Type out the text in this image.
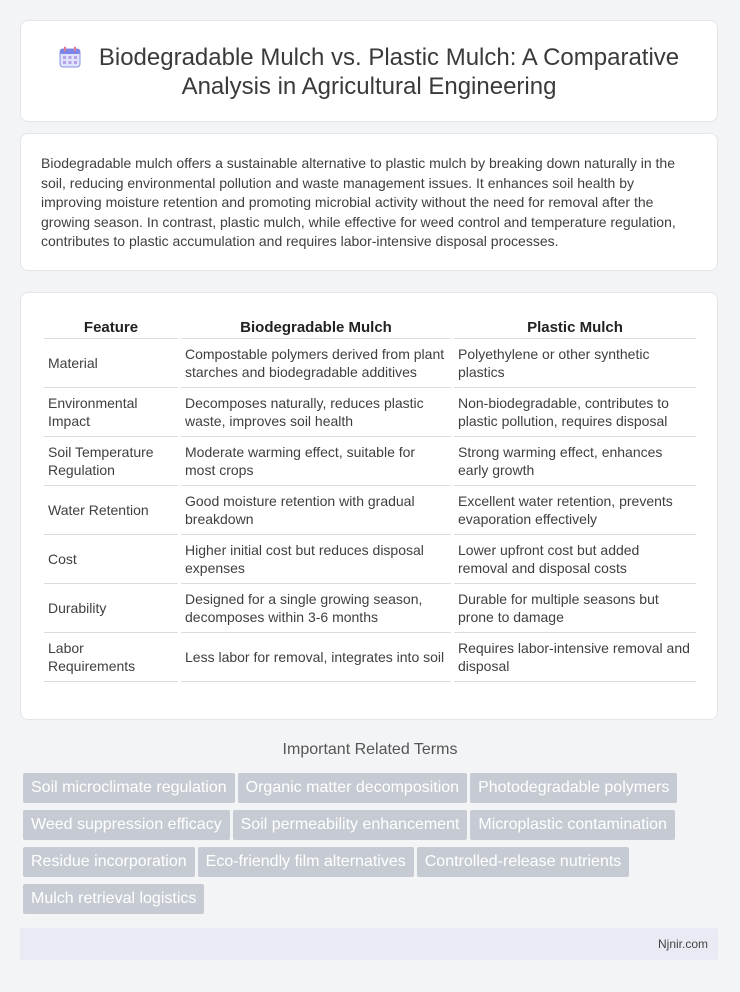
Biodegradable Mulch vs. Plastic Mulch: A Comparative Analysis in Agricultural Engineering

Biodegradable mulch offers a sustainable alternative to plastic mulch by breaking down naturally in the soil, reducing environmental pollution and waste management issues. It enhances soil health by improving moisture retention and promoting microbial activity without the need for removal after the growing season. In contrast, plastic mulch, while effective for weed control and temperature regulation, contributes to plastic accumulation and requires labor-intensive disposal processes.

Feature	Biodegradable Mulch	Plastic Mulch
Material	Compostable polymers derived from plant starches and biodegradable additives	Polyethylene or other synthetic plastics
Environmental Impact	Decomposes naturally, reduces plastic waste, improves soil health	Non-biodegradable, contributes to plastic pollution, requires disposal
Soil Temperature Regulation	Moderate warming effect, suitable for most crops	Strong warming effect, enhances early growth
Water Retention	Good moisture retention with gradual breakdown	Excellent water retention, prevents evaporation effectively
Cost	Higher initial cost but reduces disposal expenses	Lower upfront cost but added removal and disposal costs
Durability	Designed for a single growing season, decomposes within 3-6 months	Durable for multiple seasons but prone to damage
Labor Requirements	Less labor for removal, integrates into soil	Requires labor-intensive removal and disposal
Important Related Terms
Soil microclimate regulation Organic matter decomposition Photodegradable polymers
Weed suppression efficacy Soil permeability enhancement Microplastic contamination
Residue incorporation Eco-friendly film alternatives Controlled-release nutrients
Mulch retrieval logistics
Njnir.com
